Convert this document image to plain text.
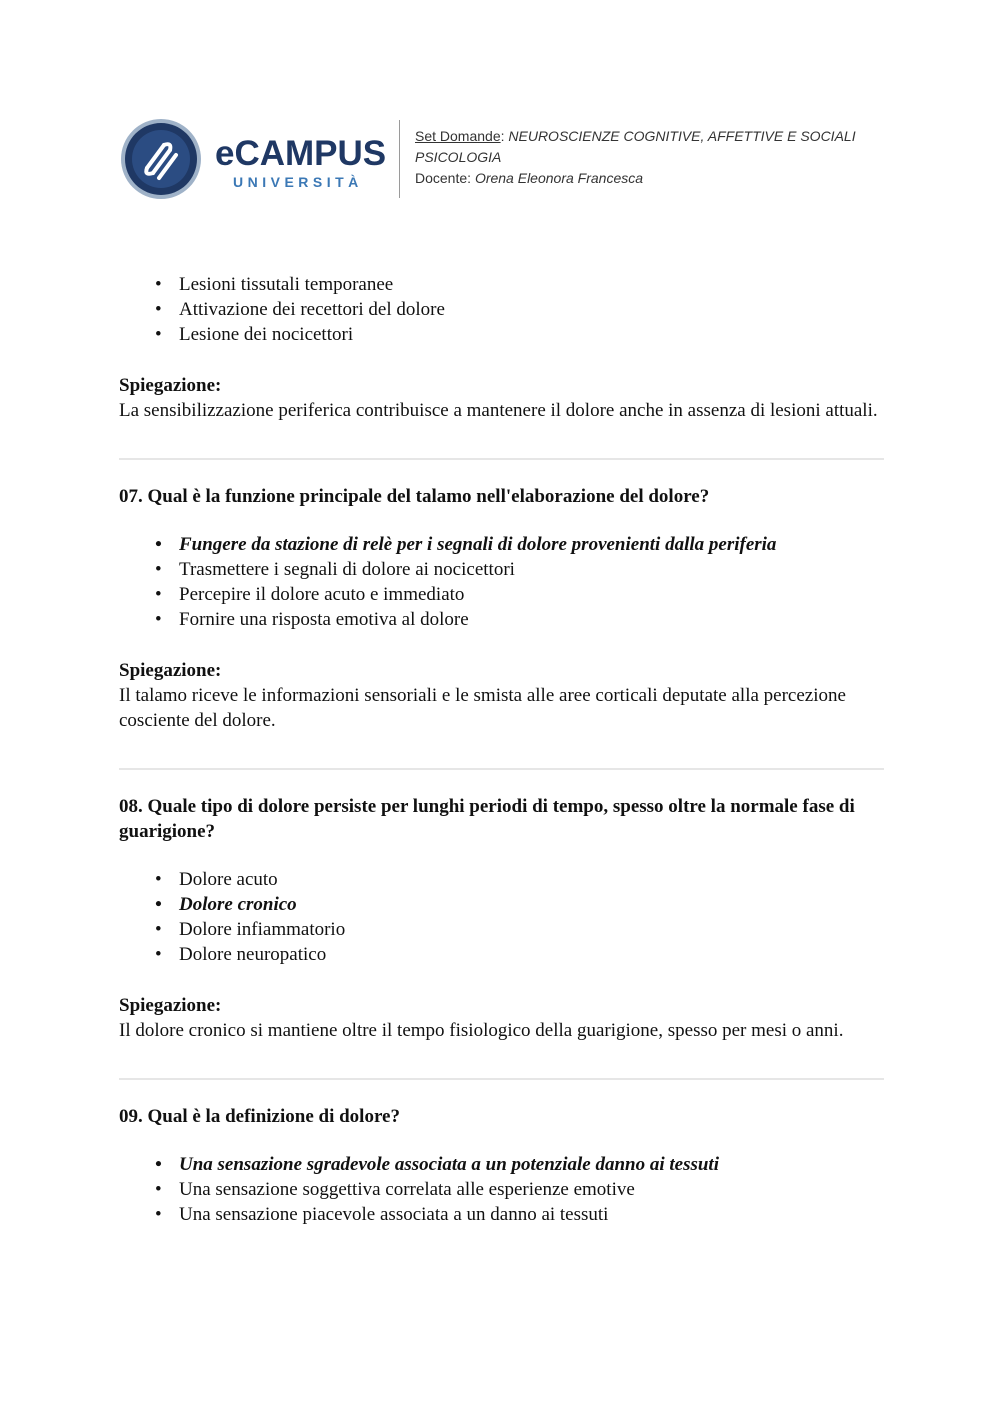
eCAMPUS
UNIVERSITÀ
Set Domande: NEUROSCIENZE COGNITIVE, AFFETTIVE E SOCIALI
PSICOLOGIA
Docente: Orena Eleonora Francesca
• Lesioni tissutali temporanee
• Attivazione dei recettori del dolore
• Lesione dei nocicettori
Spiegazione:

La sensibilizzazione periferica contribuisce a mantenere il dolore anche in assenza di lesioni attuali.

07. Qual è la funzione principale del talamo nell'elaborazione del dolore?
• Fungere da stazione di relè per i segnali di dolore provenienti dalla periferia
• Trasmettere i segnali di dolore ai nocicettori
• Percepire il dolore acuto e immediato
• Fornire una risposta emotiva al dolore
Spiegazione:

Il talamo riceve le informazioni sensoriali e le smista alle aree corticali deputate alla percezione cosciente del dolore.

08. Quale tipo di dolore persiste per lunghi periodi di tempo, spesso oltre la normale fase di guarigione?
• Dolore acuto
• Dolore cronico
• Dolore infiammatorio
• Dolore neuropatico
Spiegazione:

Il dolore cronico si mantiene oltre il tempo fisiologico della guarigione, spesso per mesi o anni.

09. Qual è la definizione di dolore?
• Una sensazione sgradevole associata a un potenziale danno ai tessuti
• Una sensazione soggettiva correlata alle esperienze emotive
• Una sensazione piacevole associata a un danno ai tessuti
